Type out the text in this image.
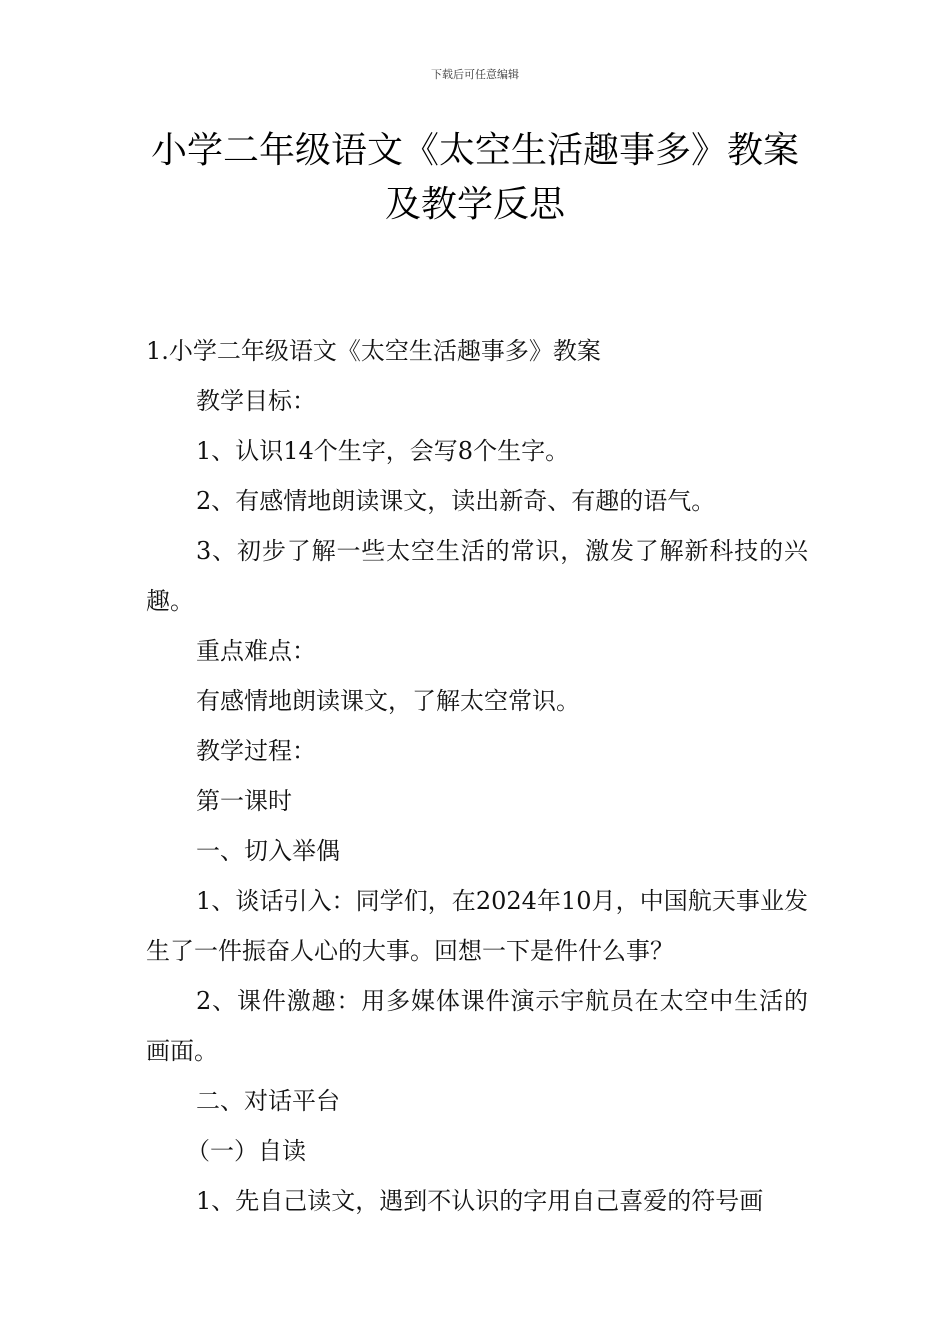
下载后可任意编辑
小学二年级语文《太空生活趣事多》教案
及教学反思

1.小学二年级语文《太空生活趣事多》教案

教学目标：

1、认识14个生字，会写8个生字。

2、有感情地朗读课文，读出新奇、有趣的语气。

3、初步了解一些太空生活的常识，激发了解新科技的兴趣。

重点难点：

有感情地朗读课文，了解太空常识。

教学过程：

第一课时

一、切入举偶

1、谈话引入：同学们，在2024年10月，中国航天事业发生了一件振奋人心的大事。回想一下是件什么事？

2、课件激趣：用多媒体课件演示宇航员在太空中生活的画面。

二、对话平台

（一）自读

1、先自己读文，遇到不认识的字用自己喜爱的符号画
